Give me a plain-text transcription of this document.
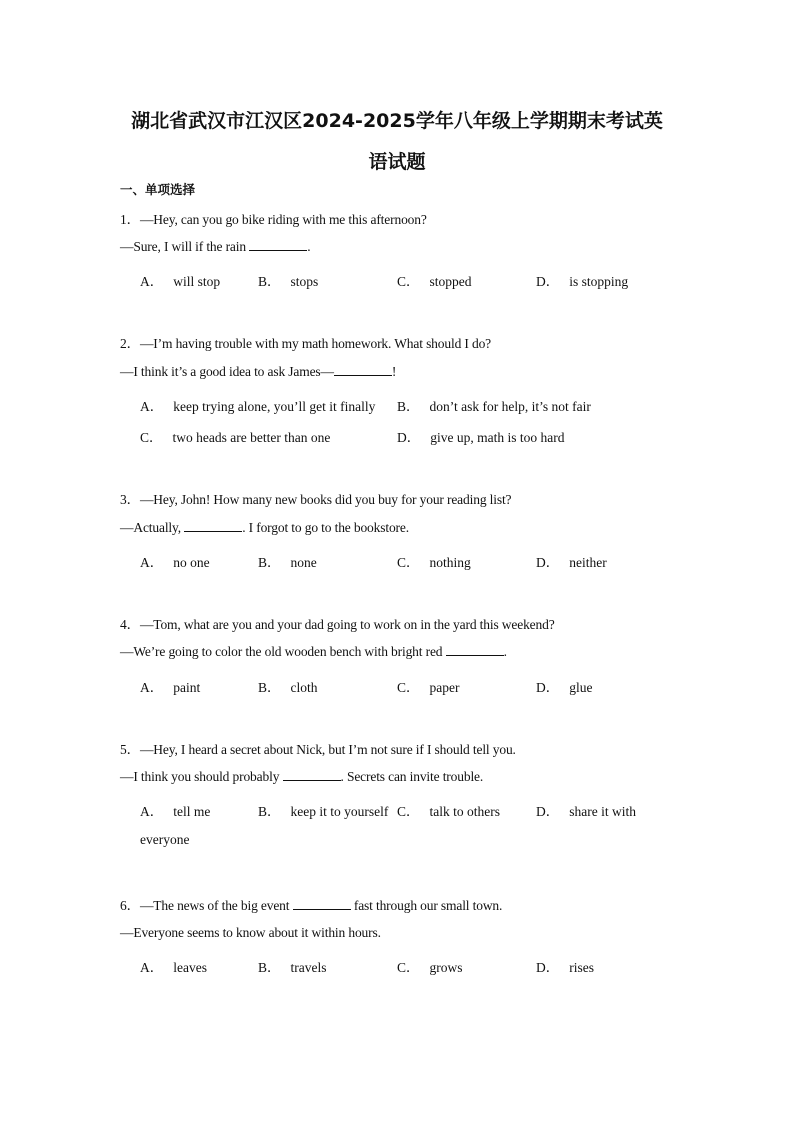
湖北省武汉市江汉区2024-2025学年八年级上学期期末考试英
语试题
一、单项选择
1．—Hey, can you go bike riding with me this afternoon?
—Sure, I will if the rain	.
A． will stop	B． stops	C． stopped	D． is stopping
2．—I’m having trouble with my math homework. What should I do?
—I think it’s a good idea to ask James—	!
A． keep trying alone, you’ll get it finally B． don’t ask for help, it’s not fair
C． two heads are better than one	D． give up, math is too hard
3．—Hey, John! How many new books did you buy for your reading list?
—Actually,	. I forgot to go to the bookstore.
A． no one	B． none	C． nothing	D． neither
4．—Tom, what are you and your dad going to work on in the yard this weekend?
—We’re going to color the old wooden bench with bright red	.
A． paint	B． cloth	C． paper	D． glue
5．—Hey, I heard a secret about Nick, but I’m not sure if I should tell you.
—I think you should probably	. Secrets can invite trouble.
A． tell me	B． keep it to yourself C． talk to others	D． share it with
everyone
6．—The news of the big event	fast through our small town.
—Everyone seems to know about it within hours.
A． leaves	B． travels	C． grows	D． rises
